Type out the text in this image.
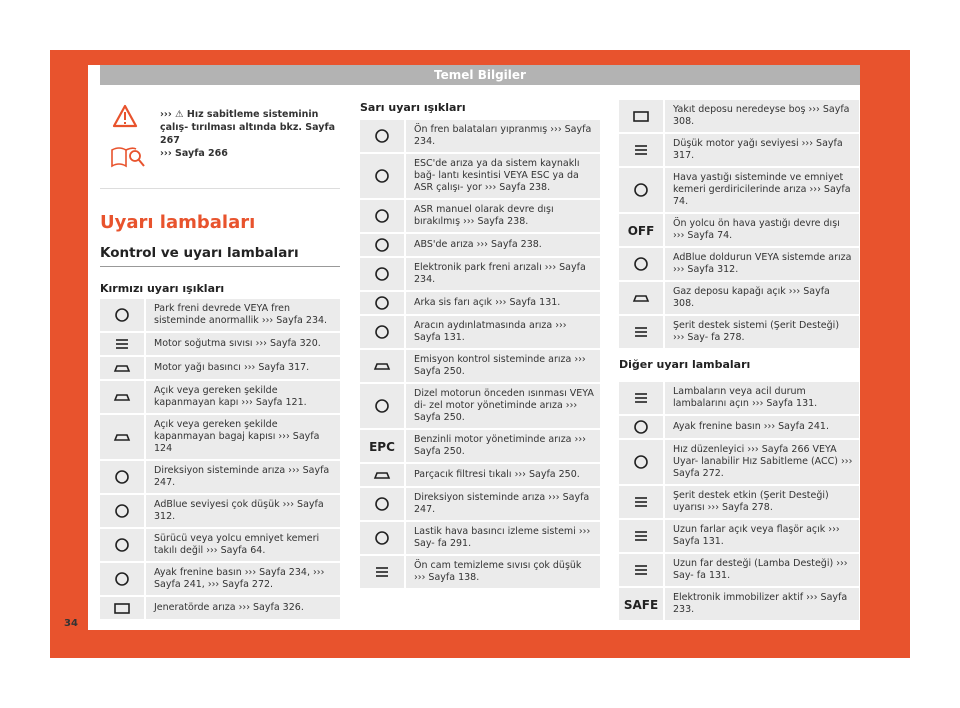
Temel Bilgiler
››› ⚠ Hız sabitleme sisteminin çalış- tırılması altında bkz. Sayfa 267
››› Sayfa 266
Uyarı lambaları
Kontrol ve uyarı lambaları
Kırmızı uyarı ışıkları
	Park freni devrede VEYA fren sisteminde anormallik ››› Sayfa 234.
	Motor soğutma sıvısı ››› Sayfa 320.
	Motor yağı basıncı ››› Sayfa 317.
	Açık veya gereken şekilde kapanmayan kapı ››› Sayfa 121.
	Açık veya gereken şekilde kapanmayan bagaj kapısı ››› Sayfa 124
	Direksiyon sisteminde arıza ››› Sayfa 247.
	AdBlue seviyesi çok düşük ››› Sayfa 312.
	Sürücü veya yolcu emniyet kemeri takılı değil ››› Sayfa 64.
	Ayak frenine basın ››› Sayfa 234, ››› Sayfa 241, ››› Sayfa 272.
	Jeneratörde arıza ››› Sayfa 326.
Sarı uyarı ışıkları
	Ön fren balataları yıpranmış ››› Sayfa 234.
	ESC'de arıza ya da sistem kaynaklı bağ- lantı kesintisi VEYA ESC ya da ASR çalışı- yor ››› Sayfa 238.
	ASR manuel olarak devre dışı bırakılmış ››› Sayfa 238.
	ABS'de arıza ››› Sayfa 238.
	Elektronik park freni arızalı ››› Sayfa 234.
	Arka sis farı açık ››› Sayfa 131.
	Aracın aydınlatmasında arıza ››› Sayfa 131.
	Emisyon kontrol sisteminde arıza ››› Sayfa 250.
	Dizel motorun önceden ısınması VEYA di- zel motor yönetiminde arıza ››› Sayfa 250.

EPC	Benzinli motor yönetiminde arıza ››› Sayfa 250.
	Parçacık filtresi tıkalı ››› Sayfa 250.
	Direksiyon sisteminde arıza ››› Sayfa 247.
	Lastik hava basıncı izleme sistemi ››› Say- fa 291.
	Ön cam temizleme sıvısı çok düşük ››› Sayfa 138.
	Yakıt deposu neredeyse boş ››› Sayfa 308.
	Düşük motor yağı seviyesi ››› Sayfa 317.
	Hava yastığı sisteminde ve emniyet kemeri gerdiricilerinde arıza ››› Sayfa 74.

OFF	Ön yolcu ön hava yastığı devre dışı ››› Sayfa 74.
	AdBlue doldurun VEYA sistemde arıza ››› Sayfa 312.
	Gaz deposu kapağı açık ››› Sayfa 308.
	Şerit destek sistemi (Şerit Desteği) ››› Say- fa 278.
Diğer uyarı lambaları
	Lambaların veya acil durum lambalarını açın ››› Sayfa 131.
	Ayak frenine basın ››› Sayfa 241.
	Hız düzenleyici ››› Sayfa 266 VEYA Uyar- lanabilir Hız Sabitleme (ACC) ››› Sayfa 272.
	Şerit destek etkin (Şerit Desteği) uyarısı ››› Sayfa 278.
	Uzun farlar açık veya flaşör açık ››› Sayfa 131.
	Uzun far desteği (Lamba Desteği) ››› Say- fa 131.

SAFE	Elektronik immobilizer aktif ››› Sayfa 233.
34
